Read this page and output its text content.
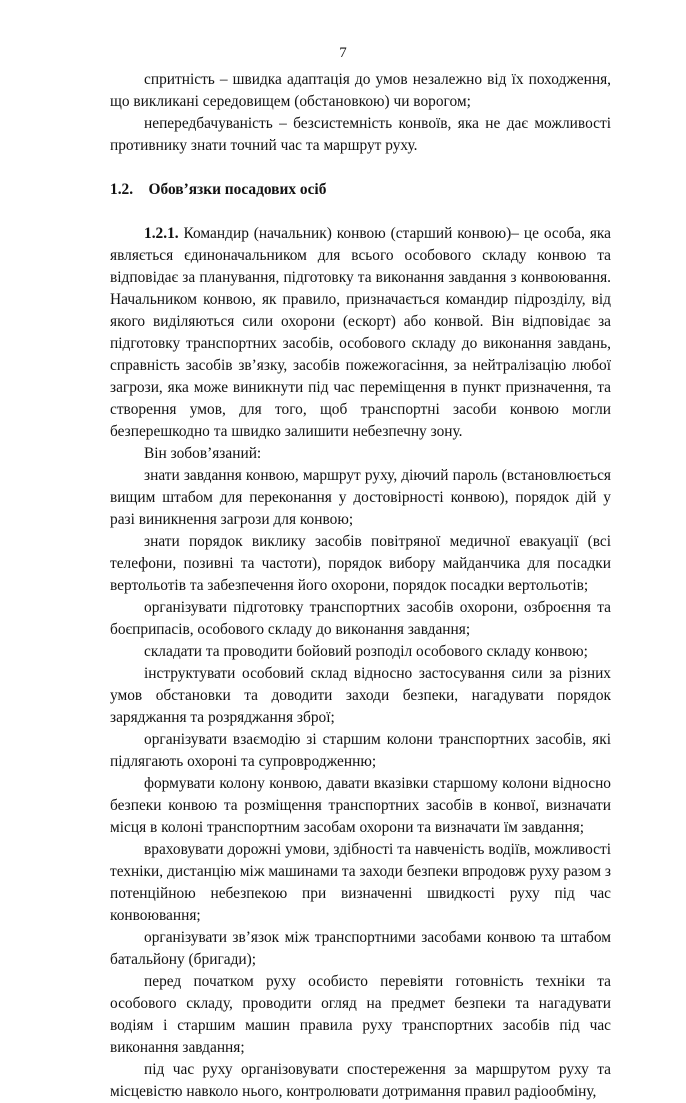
7

спритність – швидка адаптація до умов незалежно від їх походження, що викликані середовищем (обстановкою) чи ворогом;

непередбачуваність – безсистемність конвоїв, яка не дає можливості противнику знати точний час та маршрут руху.

1.2. Обов’язки посадових осіб

1.2.1. Командир (начальник) конвою (старший конвою)– це особа, яка являється єдиноначальником для всього особового складу конвою та відповідає за планування, підготовку та виконання завдання з конвоювання. Начальником конвою, як правило, призначається командир підрозділу, від якого виділяються сили охорони (ескорт) або конвой. Він відповідає за підготовку транспортних засобів, особового складу до виконання завдань, справність засобів зв’язку, засобів пожежогасіння, за нейтралізацію любої загрози, яка може виникнути під час переміщення в пункт призначення, та створення умов, для того, щоб транспортні засоби конвою могли безперешкодно та швидко залишити небезпечну зону.

Він зобов’язаний:

знати завдання конвою, маршрут руху, діючий пароль (встановлюється вищим штабом для переконання у достовірності конвою), порядок дій у разі виникнення загрози для конвою;

знати порядок виклику засобів повітряної медичної евакуації (всі телефони, позивні та частоти), порядок вибору майданчика для посадки вертольотів та забезпечення його охорони, порядок посадки вертольотів;

організувати підготовку транспортних засобів охорони, озброєння та боєприпасів, особового складу до виконання завдання;

складати та проводити бойовий розподіл особового складу конвою;

інструктувати особовий склад відносно застосування сили за різних умов обстановки та доводити заходи безпеки, нагадувати порядок заряджання та розряджання зброї;

організувати взаємодію зі старшим колони транспортних засобів, які підлягають охороні та супровродженню;

формувати колону конвою, давати вказівки старшому колони відносно безпеки конвою та розміщення транспортних засобів в конвої, визначати місця в колоні транспортним засобам охорони та визначати їм завдання;

враховувати дорожні умови, здібності та навченість водіїв, можливості техніки, дистанцію між машинами та заходи безпеки впродовж руху разом з потенційною небезпекою при визначенні швидкості руху під час конвоювання;

організувати зв’язок між транспортними засобами конвою та штабом батальйону (бригади);

перед початком руху особисто перевіяти готовність техніки та особового складу, проводити огляд на предмет безпеки та нагадувати водіям і старшим машин правила руху транспортних засобів під час виконання завдання;

під час руху організовувати спостереження за маршрутом руху та місцевістю навколо нього, контролювати дотримання правил радіообміну,
